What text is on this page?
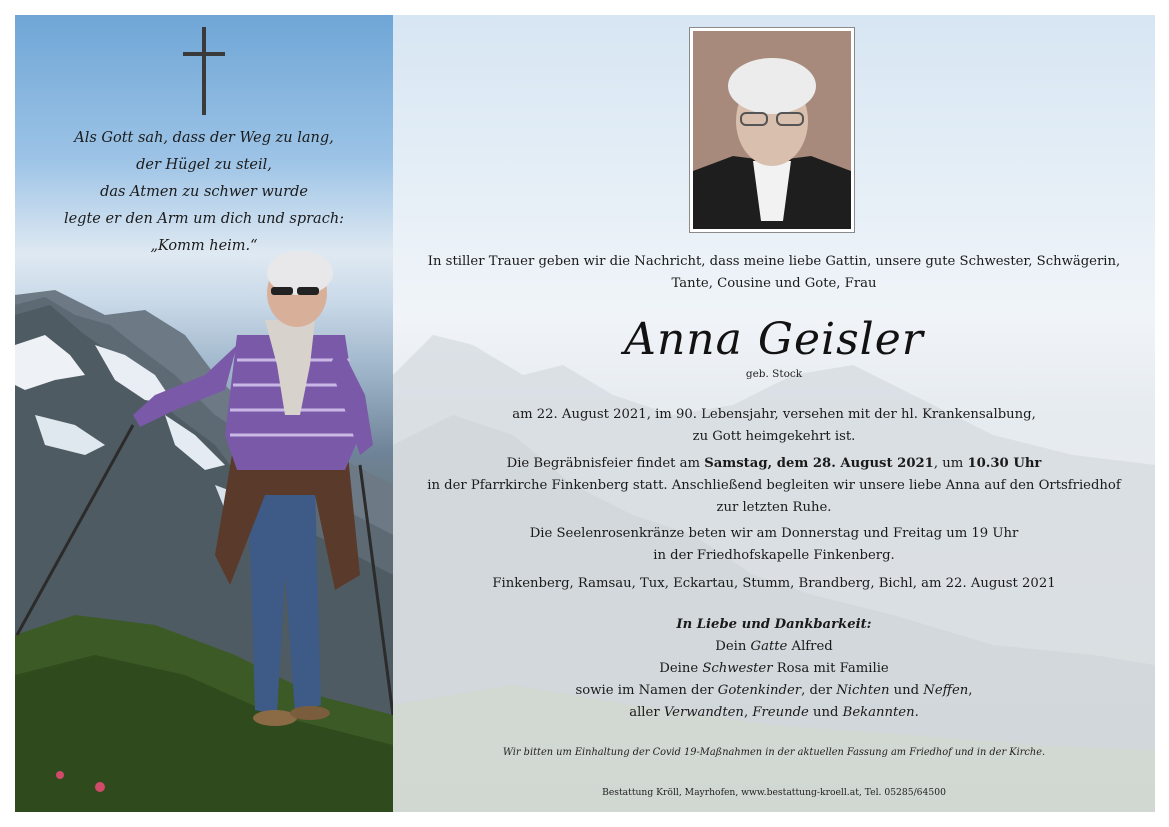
Als Gott sah, dass der Weg zu lang,
der Hügel zu steil,
das Atmen zu schwer wurde
legte er den Arm um dich und sprach:
„Komm heim.“
In stiller Trauer geben wir die Nachricht, dass meine liebe Gattin, unsere gute Schwester, Schwägerin,
Tante, Cousine und Gote, Frau
Anna Geisler
geb. Stock
am 22. August 2021, im 90. Lebensjahr, versehen mit der hl. Krankensalbung,
zu Gott heimgekehrt ist.
Die Begräbnisfeier findet am Samstag, dem 28. August 2021, um 10.30 Uhr
in der Pfarrkirche Finkenberg statt. Anschließend begleiten wir unsere liebe Anna auf den Ortsfriedhof
zur letzten Ruhe.
Die Seelenrosenkränze beten wir am Donnerstag und Freitag um 19 Uhr
in der Friedhofskapelle Finkenberg.
Finkenberg, Ramsau, Tux, Eckartau, Stumm, Brandberg, Bichl, am 22. August 2021
In Liebe und Dankbarkeit:
Dein Gatte Alfred
Deine Schwester Rosa mit Familie
sowie im Namen der Gotenkinder, der Nichten und Neffen,
aller Verwandten, Freunde und Bekannten.
Wir bitten um Einhaltung der Covid 19-Maßnahmen in der aktuellen Fassung am Friedhof und in der Kirche.
Bestattung Kröll, Mayrhofen, www.bestattung-kroell.at, Tel. 05285/64500
